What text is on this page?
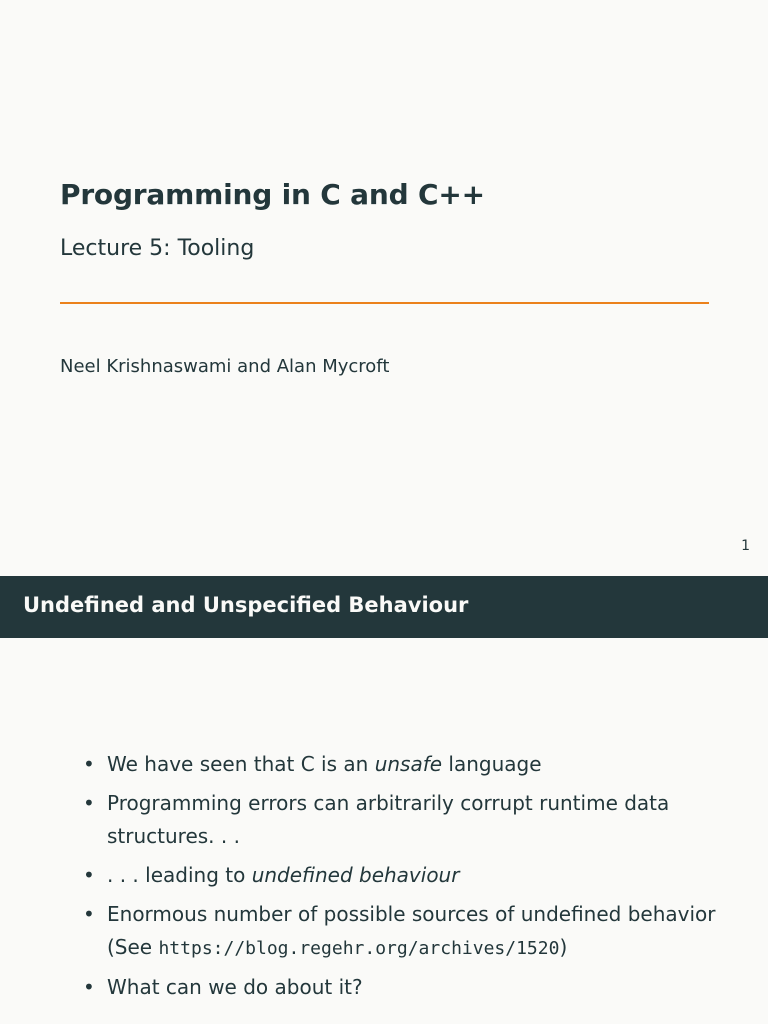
Programming in C and C++
Lecture 5: Tooling
Neel Krishnaswami and Alan Mycroft
1
Undefined and Unspecified Behaviour
• We have seen that C is an unsafe language
• Programming errors can arbitrarily corrupt runtime data structures. . .
• . . . leading to undefined behaviour
• Enormous number of possible sources of undefined behavior (See https://blog.regehr.org/archives/1520)
• What can we do about it?
